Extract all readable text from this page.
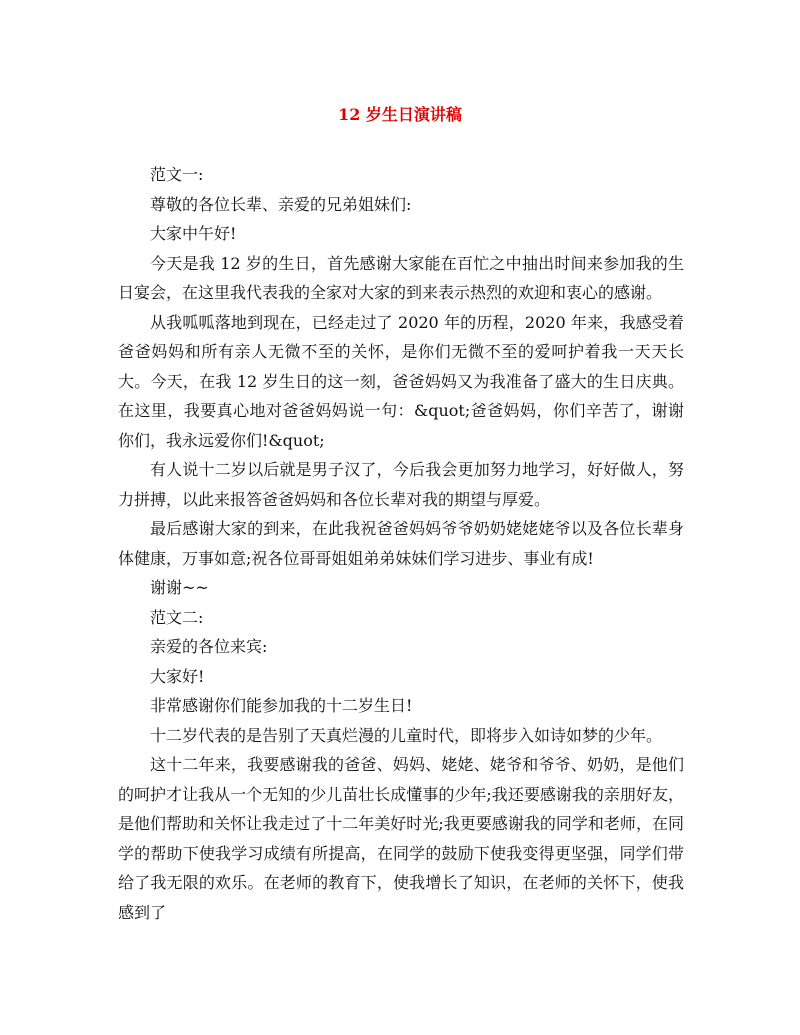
12 岁生日演讲稿

范文一:

尊敬的各位长辈、亲爱的兄弟姐妹们:

大家中午好!

今天是我 12 岁的生日，首先感谢大家能在百忙之中抽出时间来参加我的生日宴会，在这里我代表我的全家对大家的到来表示热烈的欢迎和衷心的感谢。

从我呱呱落地到现在，已经走过了 2020 年的历程，2020 年来，我感受着爸爸妈妈和所有亲人无微不至的关怀，是你们无微不至的爱呵护着我一天天长大。今天，在我 12 岁生日的这一刻，爸爸妈妈又为我准备了盛大的生日庆典。在这里，我要真心地对爸爸妈妈说一句：&quot;爸爸妈妈，你们辛苦了，谢谢你们，我永远爱你们!&quot;

有人说十二岁以后就是男子汉了，今后我会更加努力地学习，好好做人，努力拼搏，以此来报答爸爸妈妈和各位长辈对我的期望与厚爱。

最后感谢大家的到来，在此我祝爸爸妈妈爷爷奶奶姥姥姥爷以及各位长辈身体健康，万事如意;祝各位哥哥姐姐弟弟妹妹们学习进步、事业有成!

谢谢~~

范文二:

亲爱的各位来宾:

大家好!

非常感谢你们能参加我的十二岁生日!

十二岁代表的是告别了天真烂漫的儿童时代，即将步入如诗如梦的少年。

这十二年来，我要感谢我的爸爸、妈妈、姥姥、姥爷和爷爷、奶奶，是他们的呵护才让我从一个无知的少儿苗壮长成懂事的少年;我还要感谢我的亲朋好友，是他们帮助和关怀让我走过了十二年美好时光;我更要感谢我的同学和老师，在同学的帮助下使我学习成绩有所提高，在同学的鼓励下使我变得更坚强，同学们带给了我无限的欢乐。在老师的教育下，使我增长了知识，在老师的关怀下，使我感到了
